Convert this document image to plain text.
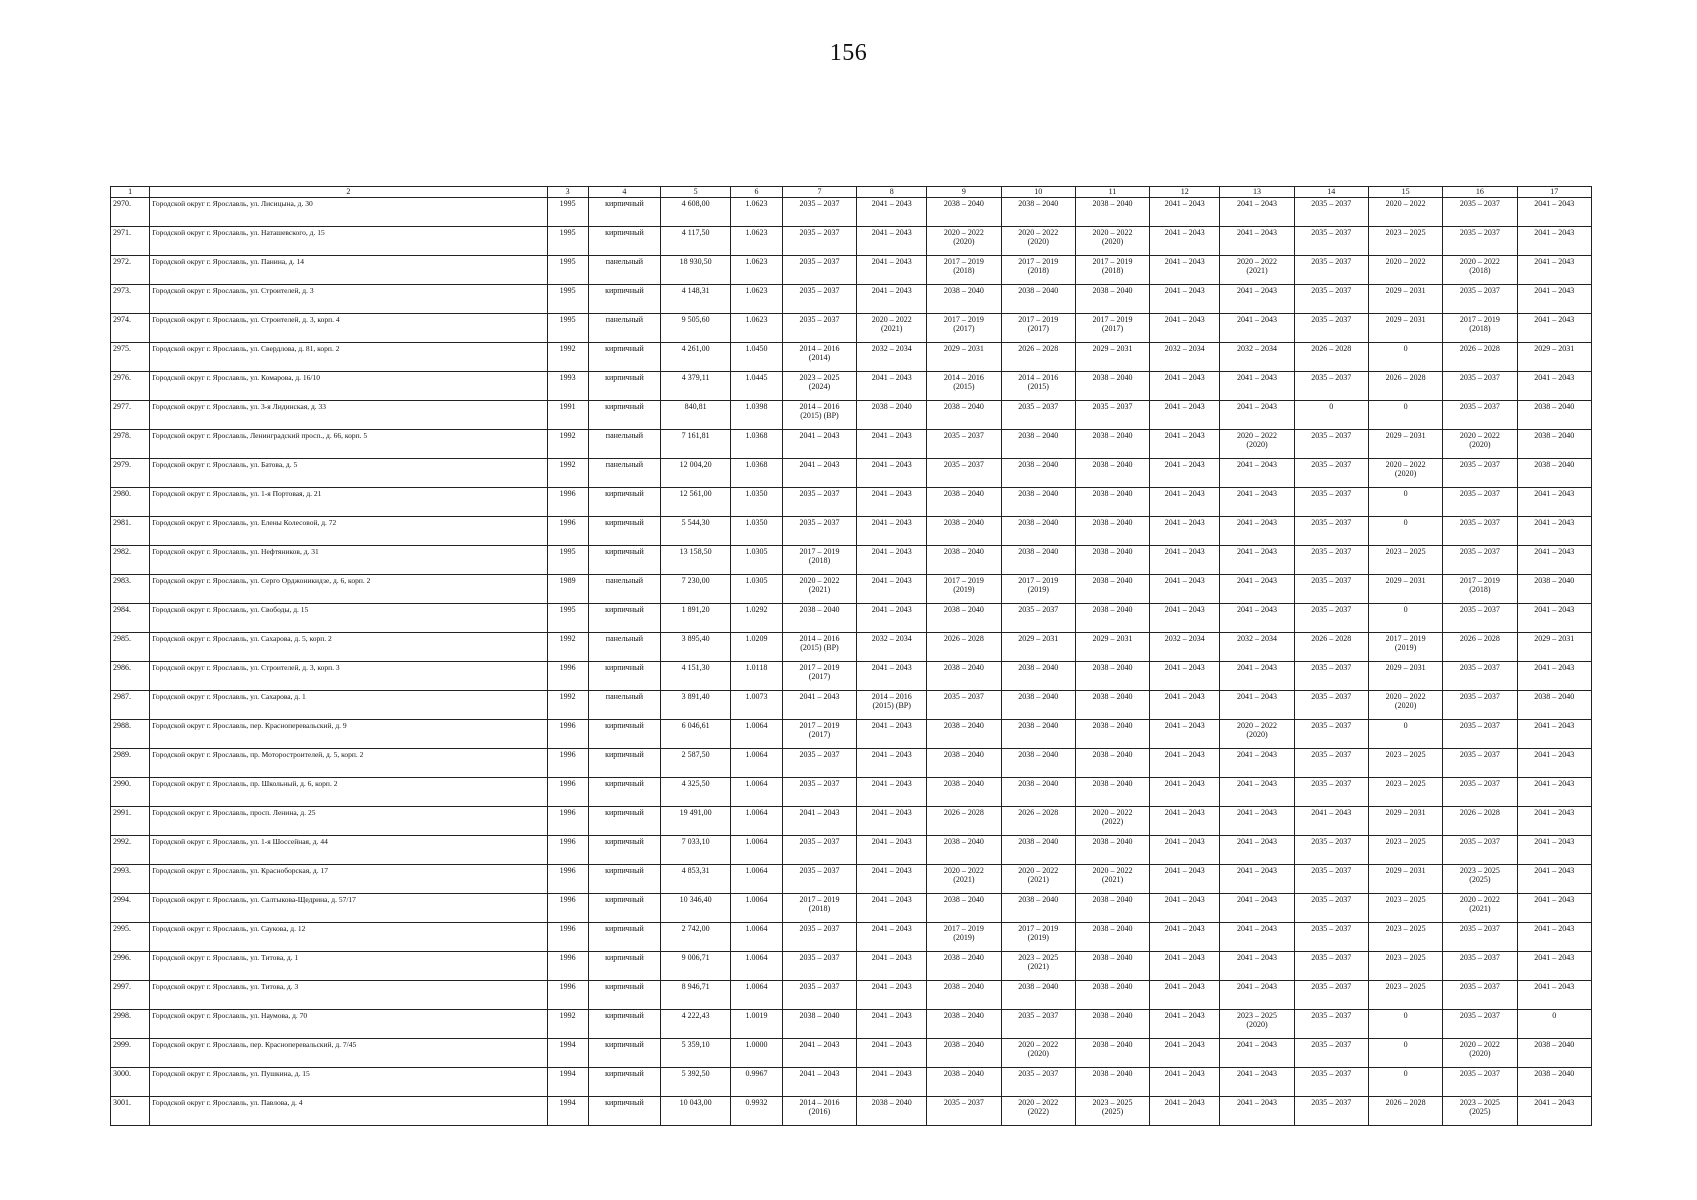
156
1	2	3	4	5	6	7	8	9	10	11	12	13	14	15	16	17

2970.	Городской округ г. Ярославль, ул. Лисицына, д. 30	1995	кирпичный	4 608,00	1.0623	2035 – 2037	2041 – 2043	2038 – 2040	2038 – 2040	2038 – 2040	2041 – 2043	2041 – 2043	2035 – 2037	2020 – 2022	2035 – 2037	2041 – 2043

2971.	Городской округ г. Ярославль, ул. Наташевского, д. 15	1995	кирпичный	4 117,50	1.0623	2035 – 2037	2041 – 2043	2020 – 2022
(2020)	2020 – 2022
(2020)	2020 – 2022
(2020)	2041 – 2043	2041 – 2043	2035 – 2037	2023 – 2025	2035 – 2037	2041 – 2043

2972.	Городской округ г. Ярославль, ул. Панина, д. 14	1995	панельный	18 930,50	1.0623	2035 – 2037	2041 – 2043	2017 – 2019
(2018)	2017 – 2019
(2018)	2017 – 2019
(2018)	2041 – 2043	2020 – 2022
(2021)	2035 – 2037	2020 – 2022	2020 – 2022
(2018)	2041 – 2043

2973.	Городской округ г. Ярославль, ул. Строителей, д. 3	1995	кирпичный	4 148,31	1.0623	2035 – 2037	2041 – 2043	2038 – 2040	2038 – 2040	2038 – 2040	2041 – 2043	2041 – 2043	2035 – 2037	2029 – 2031	2035 – 2037	2041 – 2043

2974.	Городской округ г. Ярославль, ул. Строителей, д. 3, корп. 4	1995	панельный	9 505,60	1.0623	2035 – 2037	2020 – 2022
(2021)	2017 – 2019
(2017)	2017 – 2019
(2017)	2017 – 2019
(2017)	2041 – 2043	2041 – 2043	2035 – 2037	2029 – 2031	2017 – 2019
(2018)	2041 – 2043

2975.	Городской округ г. Ярославль, ул. Свердлова, д. 81, корп. 2	1992	кирпичный	4 261,00	1.0450	2014 – 2016
(2014)	2032 – 2034	2029 – 2031	2026 – 2028	2029 – 2031	2032 – 2034	2032 – 2034	2026 – 2028	0	2026 – 2028	2029 – 2031

2976.	Городской округ г. Ярославль, ул. Комарова, д. 16/10	1993	кирпичный	4 379,11	1.0445	2023 – 2025
(2024)	2041 – 2043	2014 – 2016
(2015)	2014 – 2016
(2015)	2038 – 2040	2041 – 2043	2041 – 2043	2035 – 2037	2026 – 2028	2035 – 2037	2041 – 2043

2977.	Городской округ г. Ярославль, ул. 3-я Лидинская, д. 33	1991	кирпичный	840,81	1.0398	2014 – 2016
(2015) (ВР)	2038 – 2040	2038 – 2040	2035 – 2037	2035 – 2037	2041 – 2043	2041 – 2043	0	0	2035 – 2037	2038 – 2040

2978.	Городской округ г. Ярославль, Ленинградский просп., д. 66, корп. 5	1992	панельный	7 161,81	1.0368	2041 – 2043	2041 – 2043	2035 – 2037	2038 – 2040	2038 – 2040	2041 – 2043	2020 – 2022
(2020)	2035 – 2037	2029 – 2031	2020 – 2022
(2020)	2038 – 2040

2979.	Городской округ г. Ярославль, ул. Батова, д. 5	1992	панельный	12 004,20	1.0368	2041 – 2043	2041 – 2043	2035 – 2037	2038 – 2040	2038 – 2040	2041 – 2043	2041 – 2043	2035 – 2037	2020 – 2022
(2020)	2035 – 2037	2038 – 2040

2980.	Городской округ г. Ярославль, ул. 1-я Портовая, д. 21	1996	кирпичный	12 561,00	1.0350	2035 – 2037	2041 – 2043	2038 – 2040	2038 – 2040	2038 – 2040	2041 – 2043	2041 – 2043	2035 – 2037	0	2035 – 2037	2041 – 2043

2981.	Городской округ г. Ярославль, ул. Елены Колесовой, д. 72	1996	кирпичный	5 544,30	1.0350	2035 – 2037	2041 – 2043	2038 – 2040	2038 – 2040	2038 – 2040	2041 – 2043	2041 – 2043	2035 – 2037	0	2035 – 2037	2041 – 2043

2982.	Городской округ г. Ярославль, ул. Нефтяников, д. 31	1995	кирпичный	13 158,50	1.0305	2017 – 2019
(2018)	2041 – 2043	2038 – 2040	2038 – 2040	2038 – 2040	2041 – 2043	2041 – 2043	2035 – 2037	2023 – 2025	2035 – 2037	2041 – 2043

2983.	Городской округ г. Ярославль, ул. Серго Орджоникидзе, д. 6, корп. 2	1989	панельный	7 230,00	1.0305	2020 – 2022
(2021)	2041 – 2043	2017 – 2019
(2019)	2017 – 2019
(2019)	2038 – 2040	2041 – 2043	2041 – 2043	2035 – 2037	2029 – 2031	2017 – 2019
(2018)	2038 – 2040

2984.	Городской округ г. Ярославль, ул. Свободы, д. 15	1995	кирпичный	1 891,20	1.0292	2038 – 2040	2041 – 2043	2038 – 2040	2035 – 2037	2038 – 2040	2041 – 2043	2041 – 2043	2035 – 2037	0	2035 – 2037	2041 – 2043

2985.	Городской округ г. Ярославль, ул. Сахарова, д. 5, корп. 2	1992	панельный	3 895,40	1.0209	2014 – 2016
(2015) (ВР)	2032 – 2034	2026 – 2028	2029 – 2031	2029 – 2031	2032 – 2034	2032 – 2034	2026 – 2028	2017 – 2019
(2019)	2026 – 2028	2029 – 2031

2986.	Городской округ г. Ярославль, ул. Строителей, д. 3, корп. 3	1996	кирпичный	4 151,30	1.0118	2017 – 2019
(2017)	2041 – 2043	2038 – 2040	2038 – 2040	2038 – 2040	2041 – 2043	2041 – 2043	2035 – 2037	2029 – 2031	2035 – 2037	2041 – 2043

2987.	Городской округ г. Ярославль, ул. Сахарова, д. 1	1992	панельный	3 891,40	1.0073	2041 – 2043	2014 – 2016
(2015) (ВР)	2035 – 2037	2038 – 2040	2038 – 2040	2041 – 2043	2041 – 2043	2035 – 2037	2020 – 2022
(2020)	2035 – 2037	2038 – 2040

2988.	Городской округ г. Ярославль, пер. Красноперевальский, д. 9	1996	кирпичный	6 046,61	1.0064	2017 – 2019
(2017)	2041 – 2043	2038 – 2040	2038 – 2040	2038 – 2040	2041 – 2043	2020 – 2022
(2020)	2035 – 2037	0	2035 – 2037	2041 – 2043

2989.	Городской округ г. Ярославль, пр. Моторостроителей, д. 5, корп. 2	1996	кирпичный	2 587,50	1.0064	2035 – 2037	2041 – 2043	2038 – 2040	2038 – 2040	2038 – 2040	2041 – 2043	2041 – 2043	2035 – 2037	2023 – 2025	2035 – 2037	2041 – 2043

2990.	Городской округ г. Ярославль, пр. Школьный, д. 6, корп. 2	1996	кирпичный	4 325,50	1.0064	2035 – 2037	2041 – 2043	2038 – 2040	2038 – 2040	2038 – 2040	2041 – 2043	2041 – 2043	2035 – 2037	2023 – 2025	2035 – 2037	2041 – 2043

2991.	Городской округ г. Ярославль, просп. Ленина, д. 25	1996	кирпичный	19 491,00	1.0064	2041 – 2043	2041 – 2043	2026 – 2028	2026 – 2028	2020 – 2022
(2022)	2041 – 2043	2041 – 2043	2041 – 2043	2029 – 2031	2026 – 2028	2041 – 2043

2992.	Городской округ г. Ярославль, ул. 1-я Шоссейная, д. 44	1996	кирпичный	7 033,10	1.0064	2035 – 2037	2041 – 2043	2038 – 2040	2038 – 2040	2038 – 2040	2041 – 2043	2041 – 2043	2035 – 2037	2023 – 2025	2035 – 2037	2041 – 2043

2993.	Городской округ г. Ярославль, ул. Красноборская, д. 17	1996	кирпичный	4 853,31	1.0064	2035 – 2037	2041 – 2043	2020 – 2022
(2021)	2020 – 2022
(2021)	2020 – 2022
(2021)	2041 – 2043	2041 – 2043	2035 – 2037	2029 – 2031	2023 – 2025
(2025)	2041 – 2043

2994.	Городской округ г. Ярославль, ул. Салтыкова-Щедрина, д. 57/17	1996	кирпичный	10 346,40	1.0064	2017 – 2019
(2018)	2041 – 2043	2038 – 2040	2038 – 2040	2038 – 2040	2041 – 2043	2041 – 2043	2035 – 2037	2023 – 2025	2020 – 2022
(2021)	2041 – 2043

2995.	Городской округ г. Ярославль, ул. Саукова, д. 12	1996	кирпичный	2 742,00	1.0064	2035 – 2037	2041 – 2043	2017 – 2019
(2019)	2017 – 2019
(2019)	2038 – 2040	2041 – 2043	2041 – 2043	2035 – 2037	2023 – 2025	2035 – 2037	2041 – 2043

2996.	Городской округ г. Ярославль, ул. Титова, д. 1	1996	кирпичный	9 006,71	1.0064	2035 – 2037	2041 – 2043	2038 – 2040	2023 – 2025
(2021)	2038 – 2040	2041 – 2043	2041 – 2043	2035 – 2037	2023 – 2025	2035 – 2037	2041 – 2043

2997.	Городской округ г. Ярославль, ул. Титова, д. 3	1996	кирпичный	8 946,71	1.0064	2035 – 2037	2041 – 2043	2038 – 2040	2038 – 2040	2038 – 2040	2041 – 2043	2041 – 2043	2035 – 2037	2023 – 2025	2035 – 2037	2041 – 2043

2998.	Городской округ г. Ярославль, ул. Наумова, д. 70	1992	кирпичный	4 222,43	1.0019	2038 – 2040	2041 – 2043	2038 – 2040	2035 – 2037	2038 – 2040	2041 – 2043	2023 – 2025
(2020)	2035 – 2037	0	2035 – 2037	0

2999.	Городской округ г. Ярославль, пер. Красноперевальский, д. 7/45	1994	кирпичный	5 359,10	1.0000	2041 – 2043	2041 – 2043	2038 – 2040	2020 – 2022
(2020)	2038 – 2040	2041 – 2043	2041 – 2043	2035 – 2037	0	2020 – 2022
(2020)	2038 – 2040

3000.	Городской округ г. Ярославль, ул. Пушкина, д. 15	1994	кирпичный	5 392,50	0.9967	2041 – 2043	2041 – 2043	2038 – 2040	2035 – 2037	2038 – 2040	2041 – 2043	2041 – 2043	2035 – 2037	0	2035 – 2037	2038 – 2040

3001.	Городской округ г. Ярославль, ул. Павлова, д. 4	1994	кирпичный	10 043,00	0.9932	2014 – 2016
(2016)	2038 – 2040	2035 – 2037	2020 – 2022
(2022)	2023 – 2025
(2025)	2041 – 2043	2041 – 2043	2035 – 2037	2026 – 2028	2023 – 2025
(2025)	2041 – 2043
